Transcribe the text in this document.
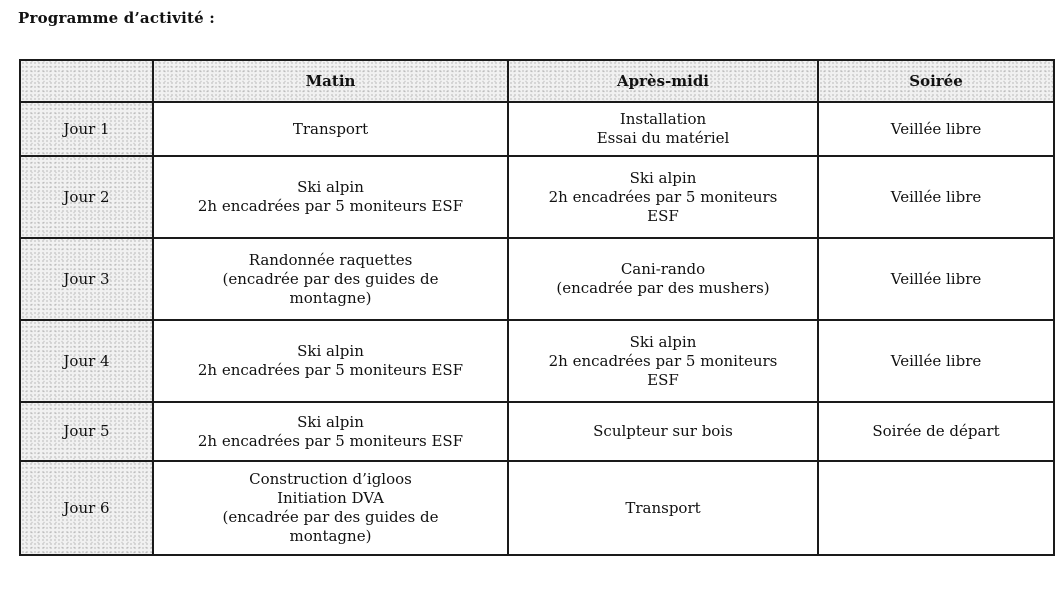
Programme d’activité :
	Matin	Après-midi	Soirée
Jour 1	Transport	Installation
Essai du matériel	Veillée libre

Jour 2	Ski alpin
2h encadrées par 5 moniteurs ESF	Ski alpin
2h encadrées par 5 moniteurs
ESF	Veillée libre

Jour 3	Randonnée raquettes
(encadrée par des guides de
montagne)	Cani-rando
(encadrée par des mushers)	Veillée libre

Jour 4	Ski alpin
2h encadrées par 5 moniteurs ESF	Ski alpin
2h encadrées par 5 moniteurs
ESF	Veillée libre

Jour 5	Ski alpin
2h encadrées par 5 moniteurs ESF	Sculpteur sur bois	Soirée de départ

Jour 6	Construction d’igloos
Initiation DVA
(encadrée par des guides de
montagne)	Transport	
